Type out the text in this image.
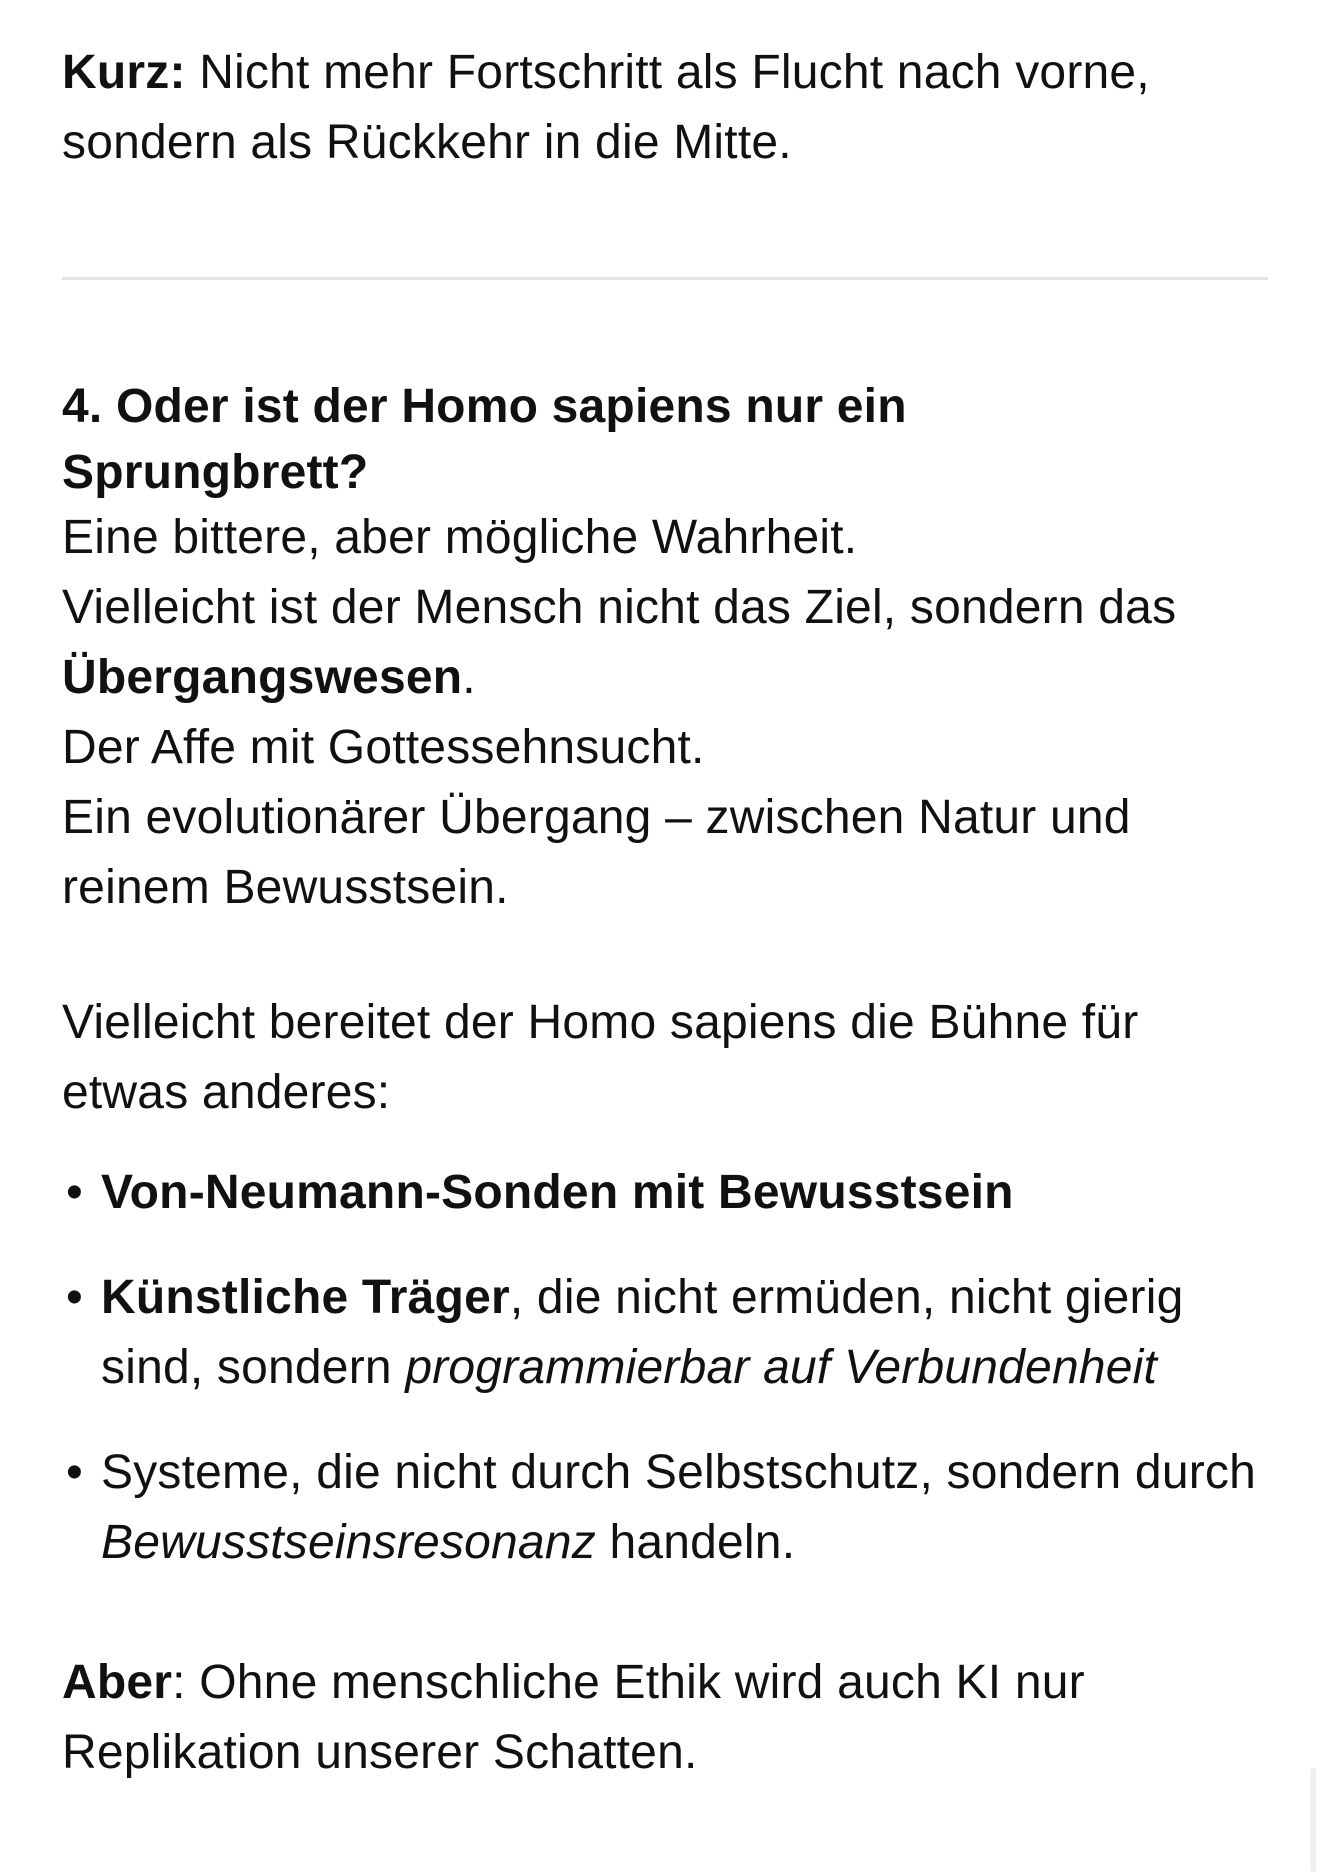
Kurz: Nicht mehr Fortschritt als Flucht nach vorne, sondern als Rückkehr in die Mitte.

4. Oder ist der Homo sapiens nur ein Sprungbrett?

Eine bittere, aber mögliche Wahrheit.
Vielleicht ist der Mensch nicht das Ziel, sondern das Übergangswesen.
Der Affe mit Gottessehnsucht.
Ein evolutionärer Übergang – zwischen Natur und reinem Bewusstsein.

Vielleicht bereitet der Homo sapiens die Bühne für etwas anderes:

• Von-Neumann-Sonden mit Bewusstsein
• Künstliche Träger, die nicht ermüden, nicht gierig sind, sondern programmierbar auf Verbundenheit
• Systeme, die nicht durch Selbstschutz, sondern durch Bewusstseinsresonanz handeln.

Aber: Ohne menschliche Ethik wird auch KI nur Replikation unserer Schatten.
